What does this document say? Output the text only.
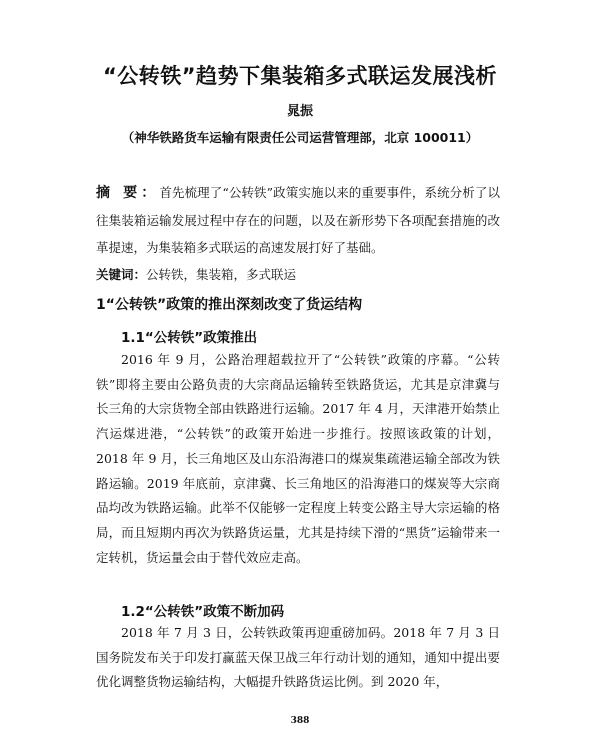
“公转铁”趋势下集装箱多式联运发展浅析
晁振
（神华铁路货车运输有限责任公司运营管理部，北京 100011）
摘 要：首先梳理了“公转铁”政策实施以来的重要事件，系统分析了以往集装箱运输发展过程中存在的问题，以及在新形势下各项配套措施的改革提速，为集装箱多式联运的高速发展打好了基础。
关键词：公转铁，集装箱，多式联运
1“公转铁”政策的推出深刻改变了货运结构
1.1“公转铁”政策推出
2016 年 9 月，公路治理超载拉开了“公转铁”政策的序幕。“公转铁”即将主要由公路负责的大宗商品运输转至铁路货运，尤其是京津冀与长三角的大宗货物全部由铁路进行运输。2017 年 4 月，天津港开始禁止汽运煤进港，“公转铁”的政策开始进一步推行。按照该政策的计划，2018 年 9 月，长三角地区及山东沿海港口的煤炭集疏港运输全部改为铁路运输。2019 年底前，京津冀、长三角地区的沿海港口的煤炭等大宗商品均改为铁路运输。此举不仅能够一定程度上转变公路主导大宗运输的格局，而且短期内再次为铁路货运量，尤其是持续下滑的“黑货”运输带来一定转机，货运量会由于替代效应走高。
1.2“公转铁”政策不断加码
2018 年 7 月 3 日，公转铁政策再迎重磅加码。2018 年 7 月 3 日国务院发布关于印发打赢蓝天保卫战三年行动计划的通知，通知中提出要优化调整货物运输结构，大幅提升铁路货运比例。到 2020 年，
388
